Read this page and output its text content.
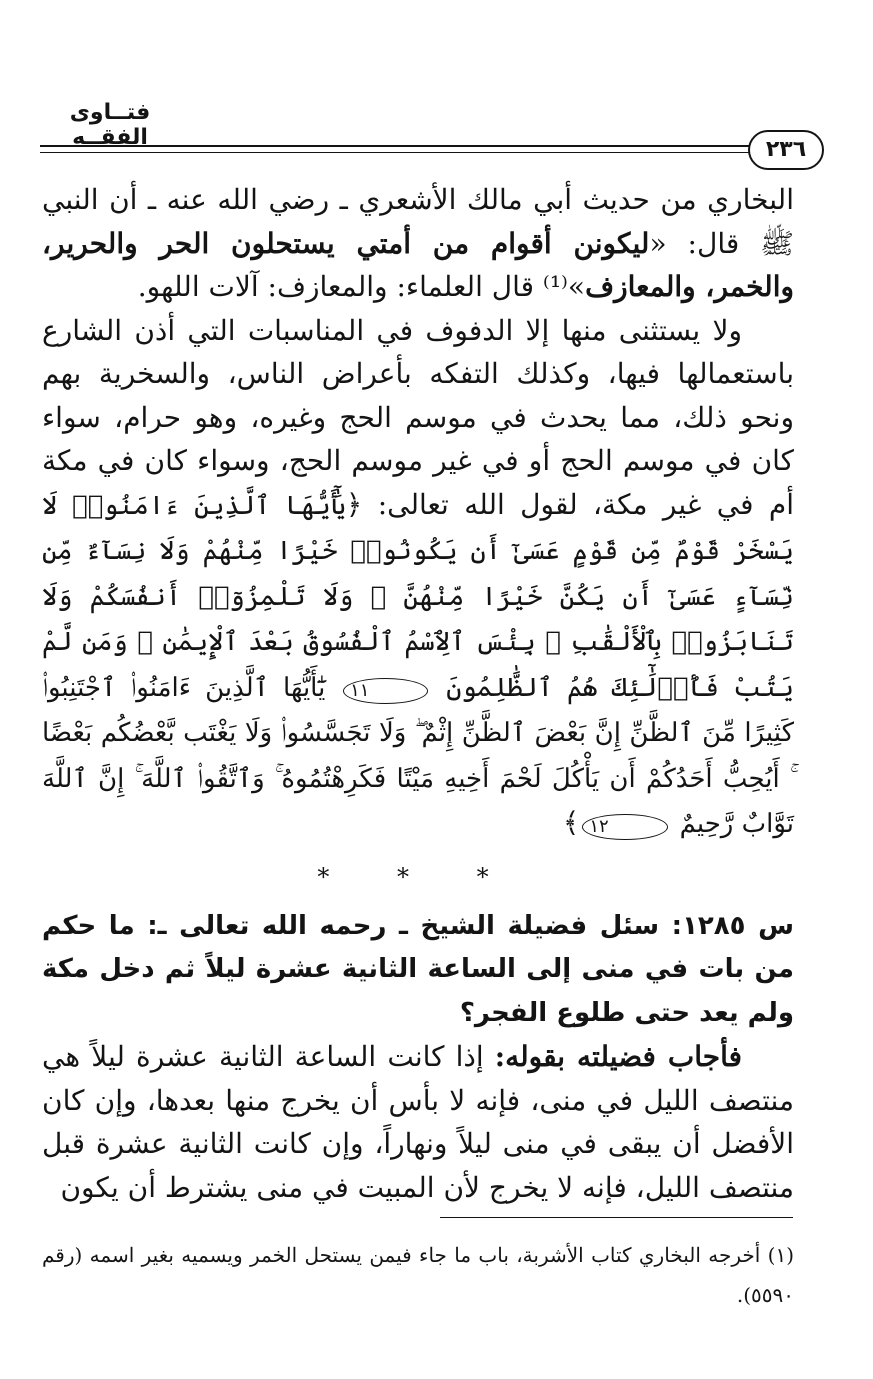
فتــاوى الفقــه	٢٣٦

البخاري من حديث أبي مالك الأشعري ـ رضي الله عنه ـ أن النبي ﷺ قال: «ليكونن أقوام من أمتي يستحلون الحر والحرير، والخمر، والمعازف»⁽¹⁾ قال العلماء: والمعازف: آلات اللهو.

ولا يستثنى منها إلا الدفوف في المناسبات التي أذن الشارع باستعمالها فيها، وكذلك التفكه بأعراض الناس، والسخرية بهم ونحو ذلك، مما يحدث في موسم الحج وغيره، وهو حرام، سواء كان في موسم الحج أو في غير موسم الحج، وسواء كان في مكة أم في غير مكة، لقول الله تعالى: ﴿يَٰٓأَيُّهَا ٱلَّذِينَ ءَامَنُوا۟ لَا يَسْخَرْ قَوْمٌ مِّن قَوْمٍ عَسَىٰٓ أَن يَكُونُوا۟ خَيْرًا مِّنْهُمْ وَلَا نِسَآءٌ مِّن نِّسَآءٍ عَسَىٰٓ أَن يَكُنَّ خَيْرًا مِّنْهُنَّ ۖ وَلَا تَلْمِزُوٓا۟ أَنفُسَكُمْ وَلَا تَنَابَزُوا۟ بِٱلْأَلْقَٰبِ ۖ بِئْسَ ٱلِٱسْمُ ٱلْفُسُوقُ بَعْدَ ٱلْإِيمَٰنِ ۚ وَمَن لَّمْ يَتُبْ فَأُو۟لَٰٓئِكَ هُمُ ٱلظَّٰلِمُونَ ١١ يَٰٓأَيُّهَا ٱلَّذِينَ ءَامَنُوا۟ ٱجْتَنِبُوا۟ كَثِيرًا مِّنَ ٱلظَّنِّ إِنَّ بَعْضَ ٱلظَّنِّ إِثْمٌ ۖ وَلَا تَجَسَّسُوا۟ وَلَا يَغْتَب بَّعْضُكُم بَعْضًا ۚ أَيُحِبُّ أَحَدُكُمْ أَن يَأْكُلَ لَحْمَ أَخِيهِ مَيْتًا فَكَرِهْتُمُوهُ ۚ وَٱتَّقُوا۟ ٱللَّهَ ۚ إِنَّ ٱللَّهَ تَوَّابٌ رَّحِيمٌ ١٢﴾

* * *

س ١٢٨٥: سئل فضيلة الشيخ ـ رحمه الله تعالى ـ: ما حكم من بات في منى إلى الساعة الثانية عشرة ليلاً ثم دخل مكة ولم يعد حتى طلوع الفجر؟

فأجاب فضيلته بقوله: إذا كانت الساعة الثانية عشرة ليلاً هي منتصف الليل في منى، فإنه لا بأس أن يخرج منها بعدها، وإن كان الأفضل أن يبقى في منى ليلاً ونهاراً، وإن كانت الثانية عشرة قبل منتصف الليل، فإنه لا يخرج لأن المبيت في منى يشترط أن يكون

(١) أخرجه البخاري كتاب الأشربة، باب ما جاء فيمن يستحل الخمر ويسميه بغير اسمه (رقم ٥٥٩٠).
